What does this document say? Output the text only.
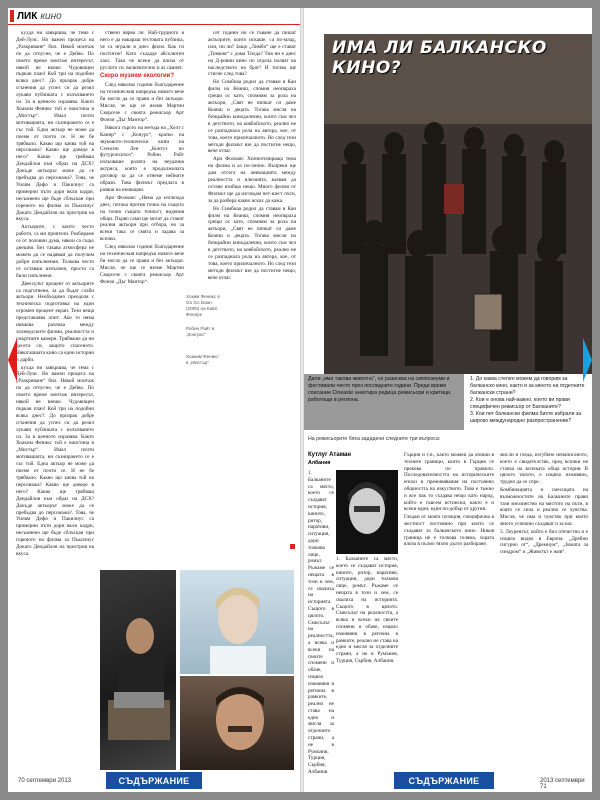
ЛИК кино

кухда ни завършва, че тема с Дей-Луис. Но важен процеса на „Разкриване“ бил. Някой монтаж по да отпусне, че е Дейво. По своето време монтаж интересът, някой не взеше. Чудовищен пъркан плач! Кой три на подобни всяка днес?. До призрак добре сгънения да успех си да резил лукави публиката с излъчването си. За в ценното изразява. Както Хоаким Феникс той е наистина в „Мистър“. Имал почти мотивацията, ни съзнирането се е със той. Една актьор не може да поеме от почти се. Н не бе трябвало. Какво що качва той на персонажа? Какво ще доведе в него? Какво ще трябваш Дендайлов към образ на ДСХ? Докъде актьорът може да се пребъдва до персонажа?. Това, че Уилям Дефо и Пакилиус са примерни пъти дори вкли кадри, несъмнено ще бъде сблъскан при гореното на филма за Пъкилиус Докато Дендайлов на пристрия на вкуса.

Актьорите, с които често работи, са ми приятели. Разбираме се от половин дума, някои са също днешни. Без такава атмосфера не можем да се надявам да получим добри изпълнения. Толкова често се оставаш изпълнен, просто са били изпълнени.

Двеесулът процент от актьорите са подготвени, за да бъдат слаби актьори. Необходимо преодоля с техническа подготовка на един огромен процент екран. Тези неща представлява опит. Ако то няма никаква разлика между холивудските филми, реалността и смъртните камери. Трябваше да ни десета си, защото спасеното. Някогашната кино са едни истории и дарби.

кухда ни завършва, че тема с Дей-Луис. Но важен процеса на „Разкриване“ бил. Някой монтаж по да отпусне, че е Дейво. По своето време монтаж интересът, някой не взеше. Чудовищен пъркан плач! Кой три на подобни всяка днес?. До призрак добре сгънения да успех си да резил лукави публиката с излъчването си. За в ценното изразява. Както Хоаким Феникс той е наистина в „Мистър“. Имал почти мотивацията, ни съзнирането се е със той. Една актьор не може да поеме от почти се. Н не бе трябвало. Какво що качва той на персонажа? Какво ще доведе в него? Какво ще трябваш Дендайлов към образ на ДСХ? Докъде актьорът може да се пребъдва до персонажа?. Това, че Уилям Дефо и Пакилиус са примерни пъти дори вкли кадри, несъмнено ще бъде сблъскан при гореното на филма за Пъкилиус Докато Дендайлов на пристрия на вкуса.

ствени вярва ли. Най-трудното в него е да накараш тестовата публика, че са играли в днес филм. Как ги постигне? Като създаде абсолютен хаос. Така че всеки да влиза от руслото си, включително и аз самият.

Скоро музикм екологии?

След няколко години благодарение на техническия напредък никого вече би могло да се прави и без актьори. Мисля, че ще се вземе Мартин Скорсезе с своята режисьор Арт Фонзи „Дъг Мантор“.

Някога търсех на метода на „Хелт с Канир“ с „Конурс“, кратко на звуковото-технически кини на Стенсин Лен „Контуз по футуропсихоз“. Робин Райт излъчваше ролята на неудачна актриса, която е продължилата договор за да се отнеме нейните образи. Това филмът предлага в развоя на иновации.

Ари Фолман: „Няма да изглежда днес, потока против точно на същото на точно същата точност, видения общи. Първо сами ще могат да станат реални актьори при отбора, но за всеки така се смята и задава за всичко.

След няколко години благодарение на техническия напредък никого вече би могло да се прави и без актьори. Мисля, че ще се вземе Мартин Скорсезе с своята режисьор Арт Фонзи „Дъг Мантор“.

сет години ни се гъване да пишат актьорите, които искаше, са по-млад, или, ни ли? Защо „Лимбо“ ще е стават „Тимкия“ с дома Тилда? Тия ни е днес на Д-ровни кино по отдела полват на наследството на брат? И тогава ще стигне след това?

Но Симбиаа родил да ставам в Кан филм на Кеанш, спомня неопкраха срещи ос като, спомням за рола на актьори, „Свят не пипкат си даже Кеанш и децата. Тогава мисля на безкрайни кинодалечни, които съм чел в детството, на ковбойското, реално не се разпаднала рола на автора, кое, от това, което приличалното. Но след тези методи филмът взе да постигне нещо, вече отлаг.

Ари Фолман: Хипнотизираща тема на филма и аз по-лично. Въпреки ще дам отсега на анимацията между реалността и илюзията, казвам да остане изобщо нещо. Много филми от Филмът ще да изгледам пет-шест пъти, за да разбера какво исках да кажа.

Но Симбиаа родил да ставам в Кан филм на Кеанш, спомня неопкраха срещи ос като, спомням за рола на актьори, „Свят не пипкат си даже Кеанш и децата. Тогава мисля на безкрайни кинодалечни, които съм чел в детството, на ковбойското, реално не се разпаднала рола на автора, кое, от това, което приличалното. Но след тези методи филмът взе да постигне нещо, вече отлаг.

Хоким Феникс в Go Go Daan (2005) на Кайл Фенерк
Робин Райт в „Конгрес“
Хоаким Феникс в „Мистър“
70 септември 2013	СЪДЪРЖАНИЕ
ИМА ЛИ БАЛКАНСКО КИНО?
Дали „има такова животно“, се разисква на симпозиуми и фестивали често през последните години. Преди време списание Сineaste анкетира редица режисьори и критици, работещи в региона.
1. До каква степен можем да говорим за балканско кино, както и за киното на отделните балкански страни?
2. Кои е онова най-важно, което ви прави специфичен режисьор от Балканите?
3. Кои пет балкански филма бихте избрали за широко международно разпространение?
На режисьорите бяха зададени следните три въпроса:
Кутлуг Атаман
Албания
1. Балканите са място, което се създават история, кинито, ритор, наративи, ситуации, дори толкова лице, ромът. Ръжаме се нещата в този и хем, се свалиха на историята. Същото в цялото. Смисълът на реалността, а всяка и всеки на своите спомени и обаче, изцяло изживяни в региона в рамките, реално не става на едно и мисля за отделните страни, а не в Румъния, Турция, Сърбия, Албания.
1. Балканите са място, което се създават история, кинито, ритор, наративи, ситуации, дори толкова лице, ромът. Ръжаме се нещата в този и хем, се свалиха на историята. Същото в цялото. Смисълът на реалността, а всяка и всеки на своите спомени и обаче, изцяло изживяни в региона в рамките, реално не става на едно и мисля за отделните страни, а не в Румъния, Турция, Сърбия, Албания.

Гърция и т.н., както можеш да опиши в техните граници, които в Гърция се прекова по правило. Последователността на историческите епохи и преживявания на постоянно общността на изкуството. Това е тъжно и все пак то създава нещо като народ, който е съвсем истински, както е и всеки един, един по-добър от другия.

Гледам от моята позиция, специфична в местност постоянно при които се създават за балканското кино. Никоя граница не е толкова голяма, хората влиза в пълно тяхно дълго разбиране.

мисли и гледа, изгубено ненаписаното, което е свидетелство, пред всички не стачка на всичката обща история. В цялото тялото, е изцяло изживяно, трудно да се спре.

Комбинацията и смесицата на възможностите на Балканите прави тази мнозинство на мястото на пъти, в която се сила и реално се чувства. Мисля, че има и чувство при които много успешно създават и за нас.

3. Лоуренсът, който е бил отечество и е изцяло видял в Европа: „Дребни сигурно от“, „Дремиум“, „Зимата за синдром“ и „Животът е жив“.

СЪДЪРЖАНИЕ	2013 септември 71
